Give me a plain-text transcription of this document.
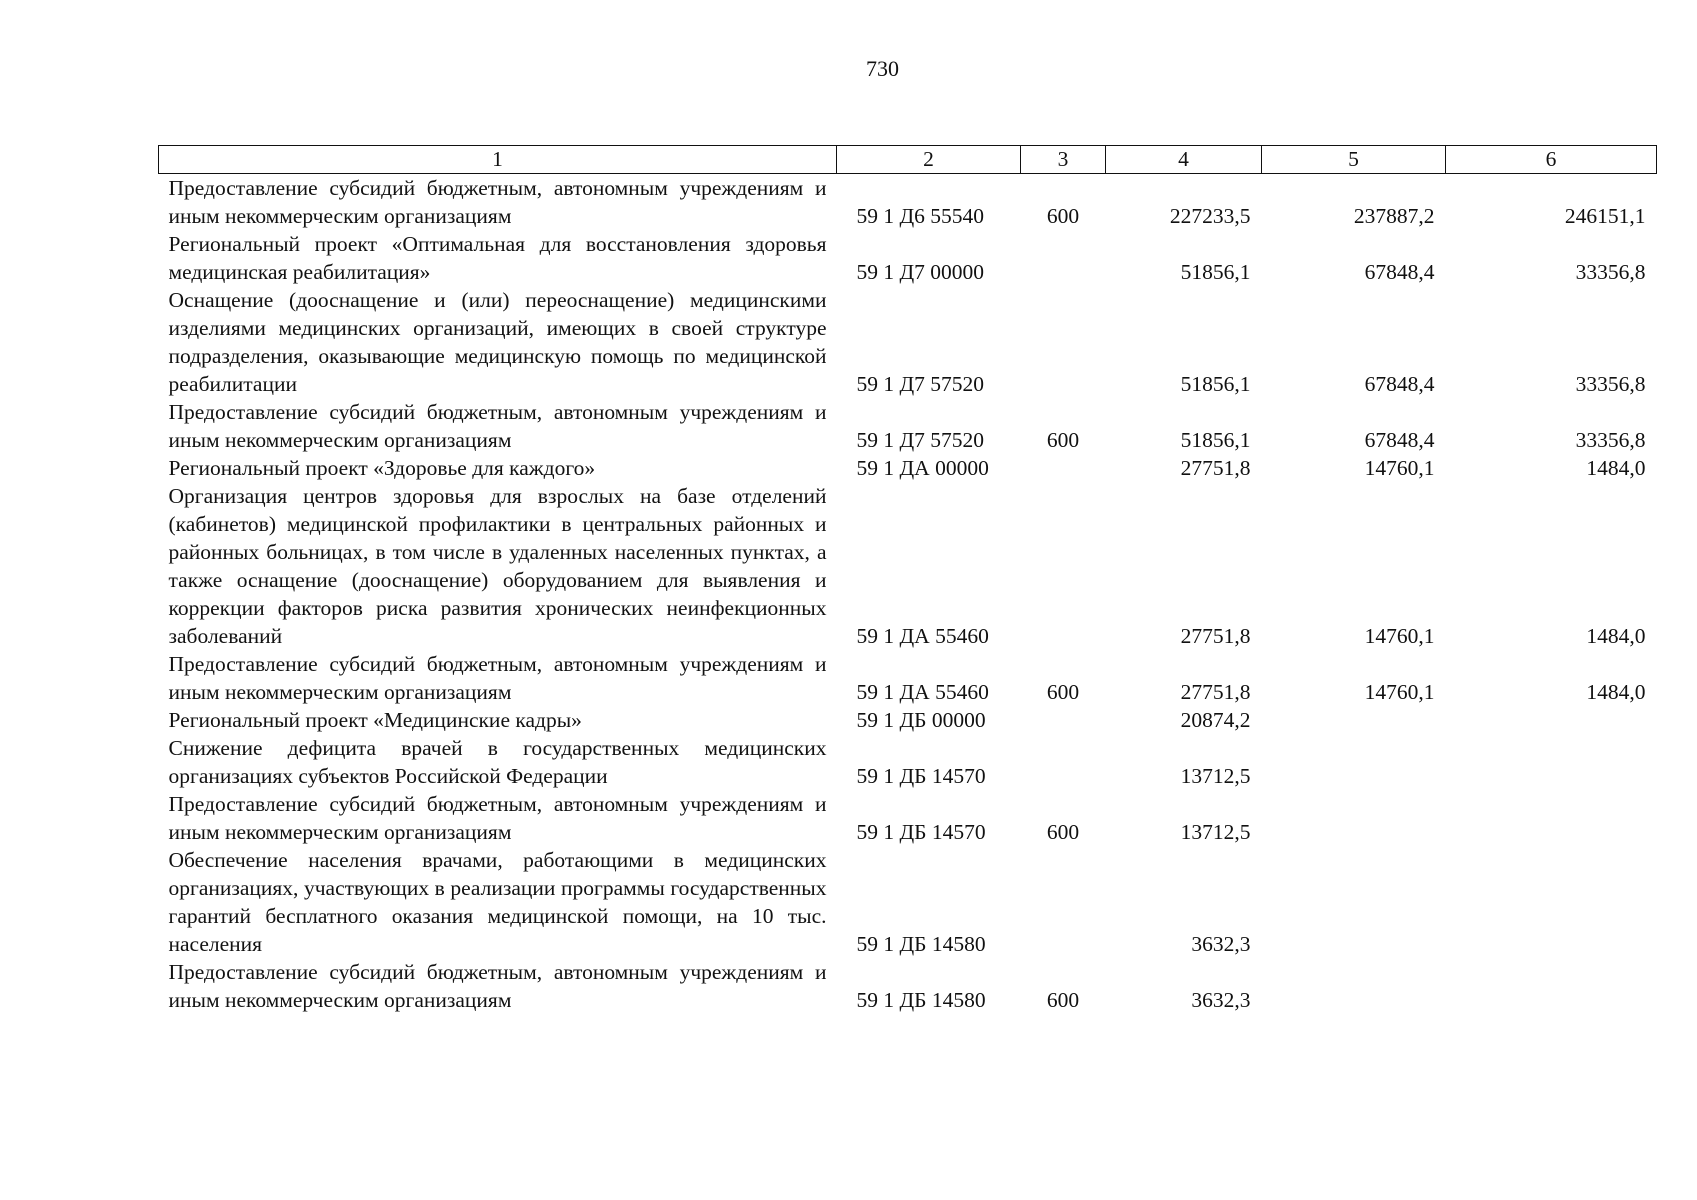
730
1	2	3	4	5	6
Предоставление субсидий бюджетным, автономным учреждениям и иным некоммерческим организациям	59 1 Д6 55540	600	227233,5	237887,2	246151,1
Региональный проект «Оптимальная для восстановления здоровья медицинская реабилитация»	59 1 Д7 00000		51856,1	67848,4	33356,8
Оснащение (дооснащение и (или) переоснащение) медицинскими изделиями медицинских организаций, имеющих в своей структуре подразделения, оказывающие медицинскую помощь по медицинской реабилитации	59 1 Д7 57520		51856,1	67848,4	33356,8
Предоставление субсидий бюджетным, автономным учреждениям и иным некоммерческим организациям	59 1 Д7 57520	600	51856,1	67848,4	33356,8
Региональный проект «Здоровье для каждого»	59 1 ДА 00000		27751,8	14760,1	1484,0
Организация центров здоровья для взрослых на базе отделений (кабинетов) медицинской профилактики в центральных районных и районных больницах, в том числе в удаленных населенных пунктах, а также оснащение (дооснащение) оборудованием для выявления и коррекции факторов риска развития хронических неинфекционных заболеваний	59 1 ДА 55460		27751,8	14760,1	1484,0
Предоставление субсидий бюджетным, автономным учреждениям и иным некоммерческим организациям	59 1 ДА 55460	600	27751,8	14760,1	1484,0
Региональный проект «Медицинские кадры»	59 1 ДБ 00000		20874,2		
Снижение дефицита врачей в государственных медицинских организациях субъектов Российской Федерации	59 1 ДБ 14570		13712,5		
Предоставление субсидий бюджетным, автономным учреждениям и иным некоммерческим организациям	59 1 ДБ 14570	600	13712,5		
Обеспечение населения врачами, работающими в медицинских организациях, участвующих в реализации программы государственных гарантий бесплатного оказания медицинской помощи, на 10 тыс. населения	59 1 ДБ 14580		3632,3		
Предоставление субсидий бюджетным, автономным учреждениям и иным некоммерческим организациям	59 1 ДБ 14580	600	3632,3		
